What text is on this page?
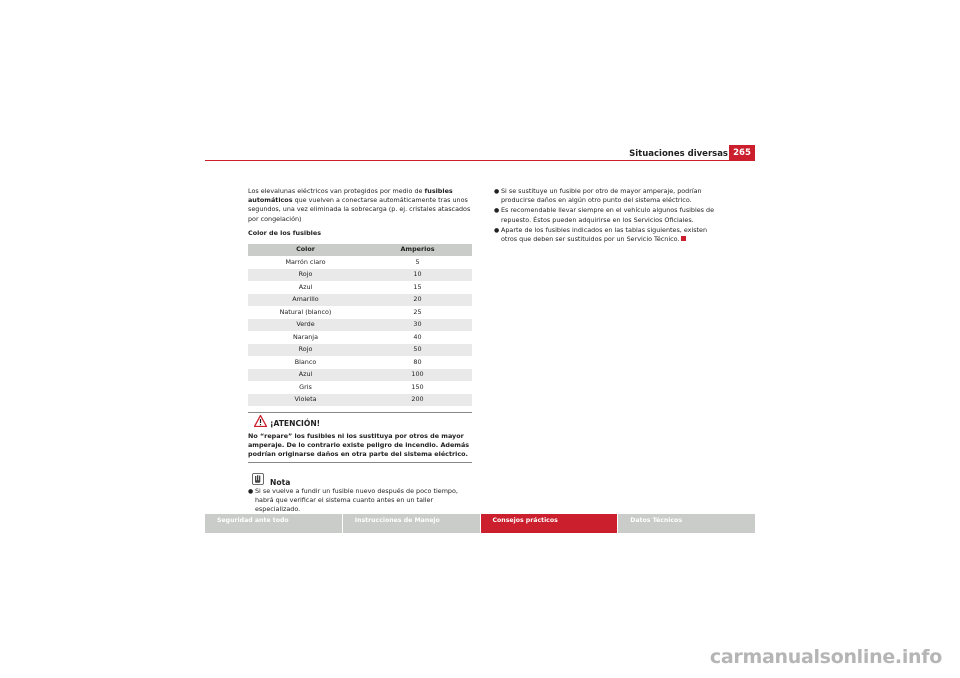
Situaciones diversas 265

Los elevalunas eléctricos van protegidos por medio de fusibles automáticos que vuelven a conectarse automáticamente tras unos segundos, una vez eliminada la sobrecarga (p. ej. cristales atascados por congelación)

Color de los fusibles
Color	Amperios
Marrón claro	5
Rojo	10
Azul	15
Amarillo	20
Natural (blanco)	25
Verde	30
Naranja	40
Rojo	50
Blanco	80
Azul	100
Gris	150
Violeta	200
¡ATENCIÓN!
No “repare” los fusibles ni los sustituya por otros de mayor amperaje. De lo contrario existe peligro de incendio. Además podrían originarse daños en otra parte del sistema eléctrico.
Nota
● Si se vuelve a fundir un fusible nuevo después de poco tiempo, habrá que verificar el sistema cuanto antes en un taller especializado.
● Si se sustituye un fusible por otro de mayor amperaje, podrían producirse daños en algún otro punto del sistema eléctrico.
● Es recomendable llevar siempre en el vehículo algunos fusibles de repuesto. Éstos pueden adquirirse en los Servicios Oficiales.
● Aparte de los fusibles indicados en las tablas siguientes, existen otros que deben ser sustituidos por un Servicio Técnico.
Seguridad ante todo	Instrucciones de Manejo	Consejos prácticos	Datos Técnicos
carmanualsonline.info
